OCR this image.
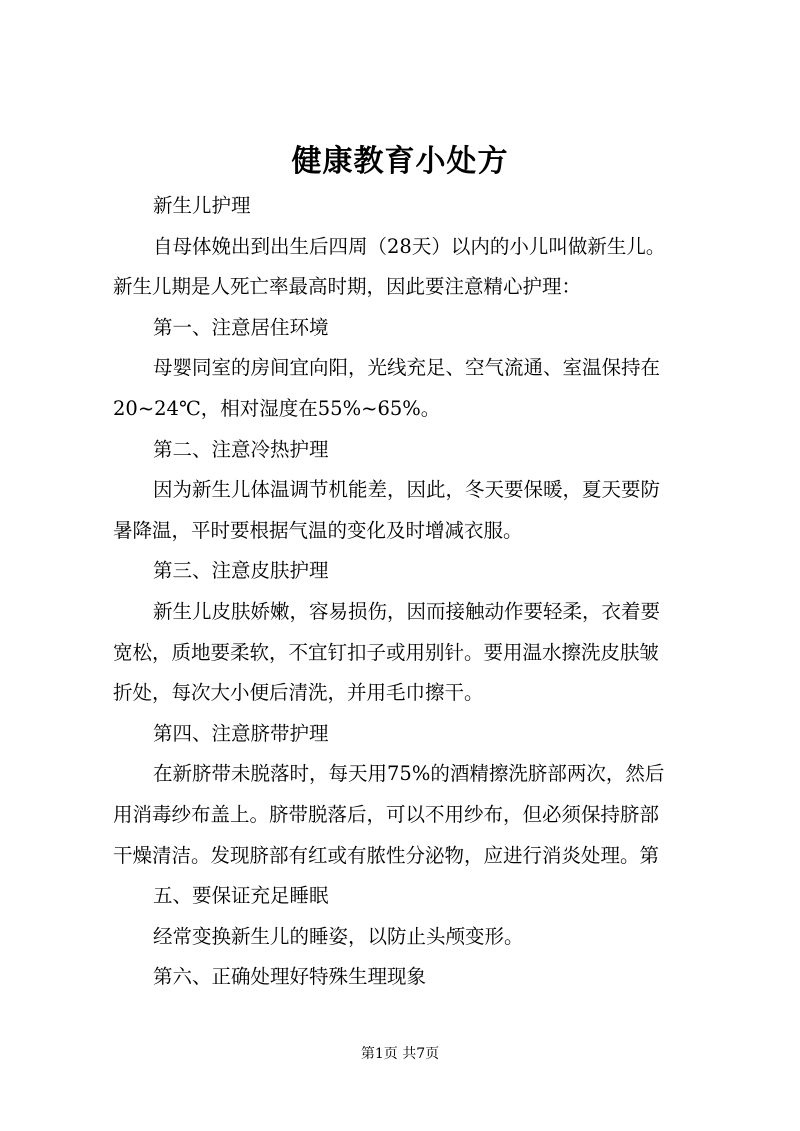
健康教育小处方

新生儿护理

自母体娩出到出生后四周（28天）以内的小儿叫做新生儿。

新生儿期是人死亡率最高时期，因此要注意精心护理：

第一、注意居住环境

母婴同室的房间宜向阳，光线充足、空气流通、室温保持在

20~24℃，相对湿度在55%~65%。

第二、注意冷热护理

因为新生儿体温调节机能差，因此，冬天要保暖，夏天要防

暑降温，平时要根据气温的变化及时增减衣服。

第三、注意皮肤护理

新生儿皮肤娇嫩，容易损伤，因而接触动作要轻柔，衣着要

宽松，质地要柔软，不宜钉扣子或用别针。要用温水擦洗皮肤皱

折处，每次大小便后清洗，并用毛巾擦干。

第四、注意脐带护理

在新脐带未脱落时，每天用75%的酒精擦洗脐部两次，然后

用消毒纱布盖上。脐带脱落后，可以不用纱布，但必须保持脐部

干燥清洁。发现脐部有红或有脓性分泌物，应进行消炎处理。第

五、要保证充足睡眠

经常变换新生儿的睡姿，以防止头颅变形。

第六、正确处理好特殊生理现象

第1页 共7页
